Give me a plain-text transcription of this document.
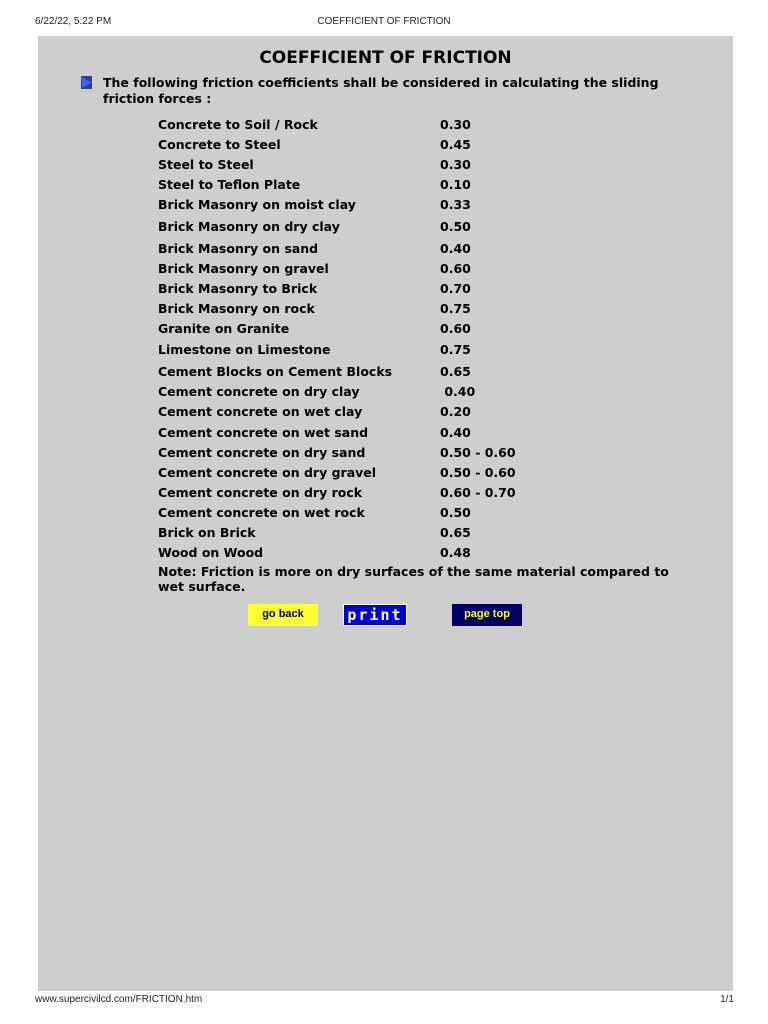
6/22/22, 5:22 PM	COEFFICIENT OF FRICTION
COEFFICIENT OF FRICTION
The following friction coefficients shall be considered in calculating the sliding friction forces :
Concrete to Soil / Rock	0.30
Concrete to Steel	0.45
Steel to Steel	0.30
Steel to Teflon Plate	0.10
Brick Masonry on moist clay	0.33
Brick Masonry on dry clay	0.50
Brick Masonry on sand	0.40
Brick Masonry on gravel	0.60
Brick Masonry to Brick	0.70
Brick Masonry on rock	0.75
Granite on Granite	0.60
Limestone on Limestone	0.75
Cement Blocks on Cement Blocks	0.65
Cement concrete on dry clay	0.40
Cement concrete on wet clay	0.20
Cement concrete on wet sand	0.40
Cement concrete on dry sand	0.50 - 0.60
Cement concrete on dry gravel	0.50 - 0.60
Cement concrete on dry rock	0.60 - 0.70
Cement concrete on wet rock	0.50
Brick on Brick	0.65
Wood on Wood	0.48
Note: Friction is more on dry surfaces of the same material compared to wet surface.
go back	print	page top
www.supercivilcd.com/FRICTION.htm	1/1
